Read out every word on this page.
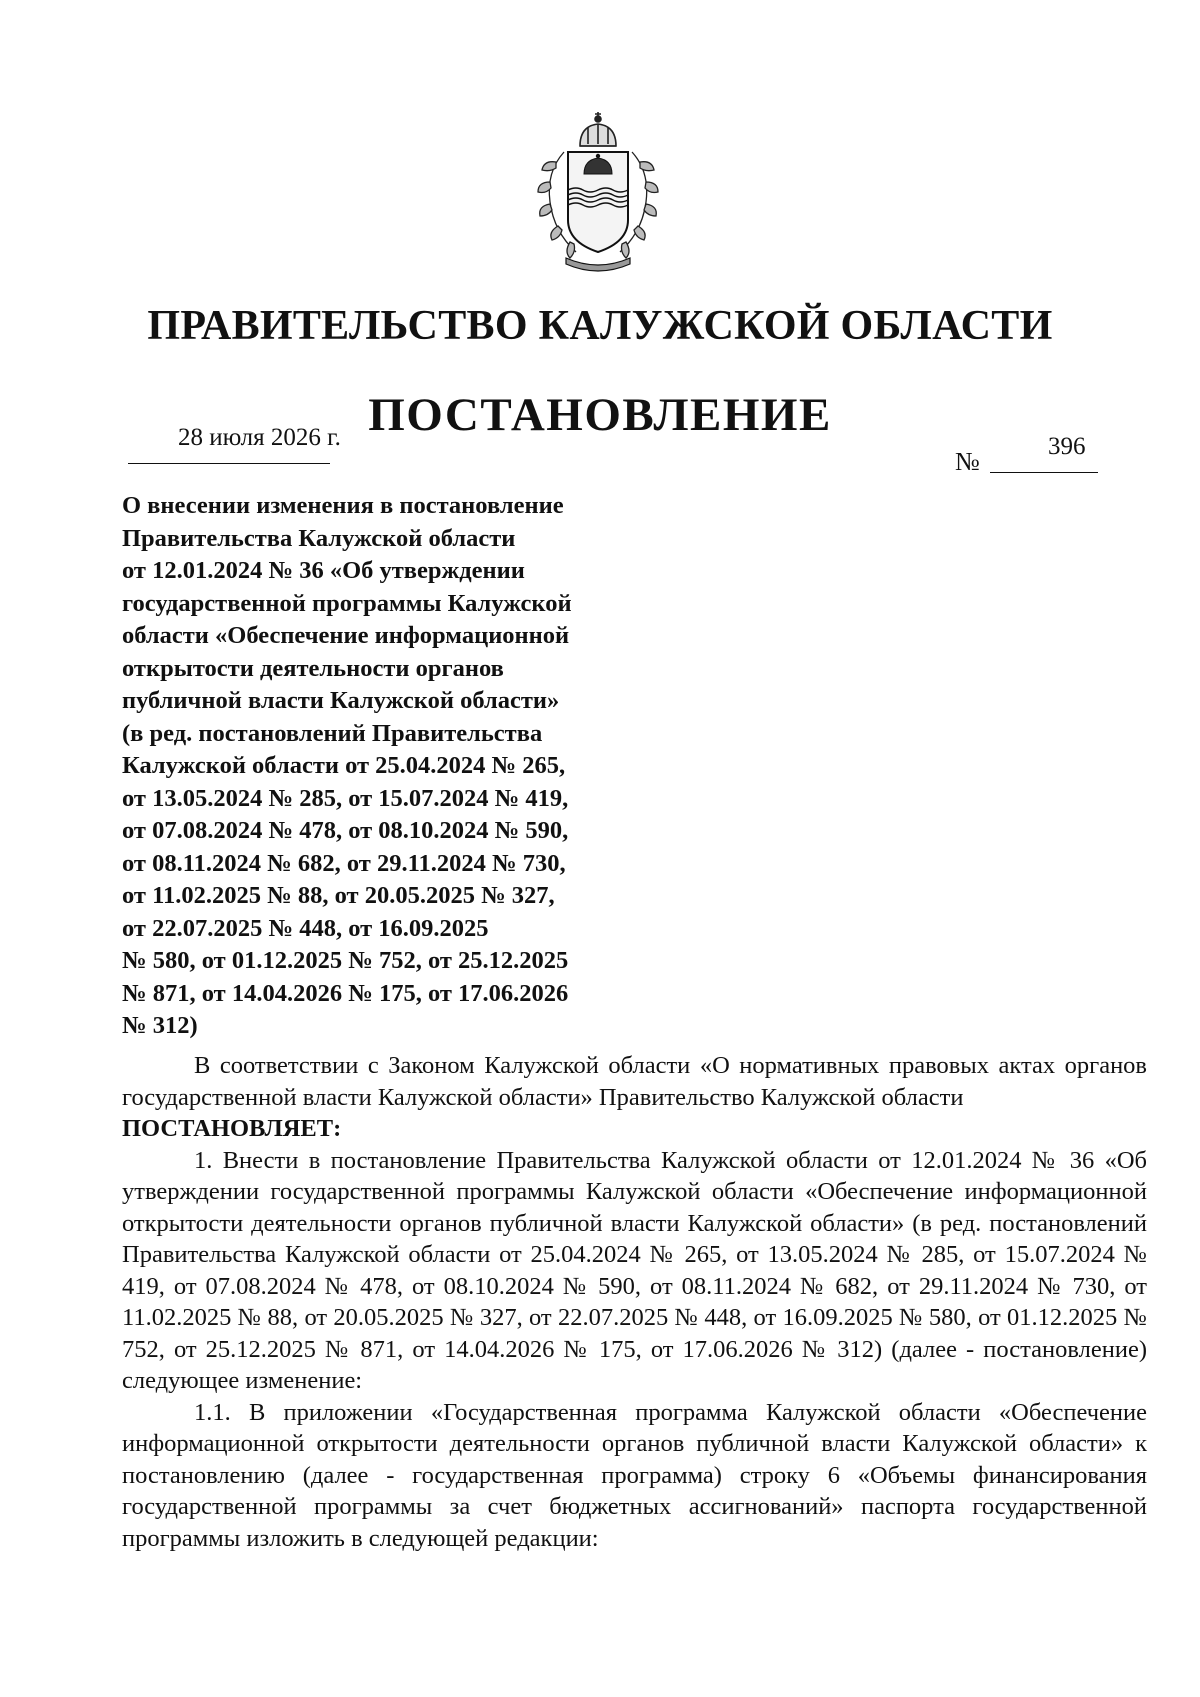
ПРАВИТЕЛЬСТВО КАЛУЖСКОЙ ОБЛАСТИ
ПОСТАНОВЛЕНИЕ
28 июля 2026 г.
№
396
О внесении изменения в постановление
Правительства Калужской области
от 12.01.2024 № 36 «Об утверждении
государственной программы Калужской
области «Обеспечение информационной
открытости деятельности органов
публичной власти Калужской области»
(в ред. постановлений Правительства
Калужской области от 25.04.2024 № 265,
от 13.05.2024 № 285, от 15.07.2024 № 419,
от 07.08.2024 № 478, от 08.10.2024 № 590,
от 08.11.2024 № 682, от 29.11.2024 № 730,
от 11.02.2025 № 88, от 20.05.2025 № 327,
от 22.07.2025 № 448, от 16.09.2025
№ 580, от 01.12.2025 № 752, от 25.12.2025
№ 871, от 14.04.2026 № 175, от 17.06.2026
№ 312)

В соответствии с Законом Калужской области «О нормативных правовых актах органов государственной власти Калужской области» Правительство Калужской области

ПОСТАНОВЛЯЕТ:

1. Внести в постановление Правительства Калужской области от 12.01.2024 № 36 «Об утверждении государственной программы Калужской области «Обеспечение информационной открытости деятельности органов публичной власти Калужской области» (в ред. постановлений Правительства Калужской области от 25.04.2024 № 265, от 13.05.2024 № 285, от 15.07.2024 № 419, от 07.08.2024 № 478, от 08.10.2024 № 590, от 08.11.2024 № 682, от 29.11.2024 № 730, от 11.02.2025 № 88, от 20.05.2025 № 327, от 22.07.2025 № 448, от 16.09.2025 № 580, от 01.12.2025 № 752, от 25.12.2025 № 871, от 14.04.2026 № 175, от 17.06.2026 № 312) (далее - постановление) следующее изменение:

1.1. В приложении «Государственная программа Калужской области «Обеспечение информационной открытости деятельности органов публичной власти Калужской области» к постановлению (далее - государственная программа) строку 6 «Объемы финансирования государственной программы за счет бюджетных ассигнований» паспорта государственной программы изложить в следующей редакции:
